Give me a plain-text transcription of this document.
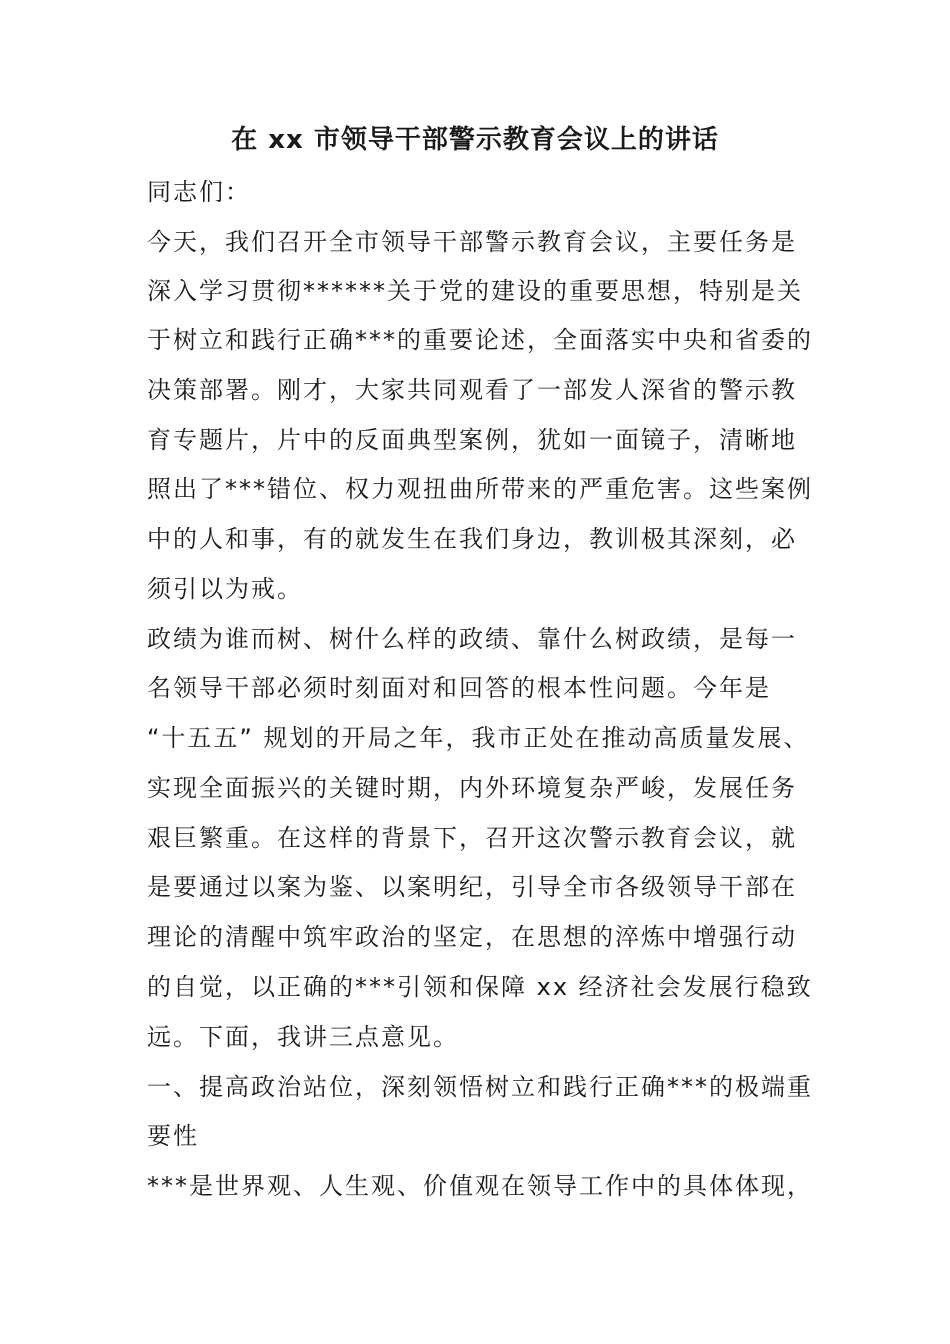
在 xx 市领导干部警示教育会议上的讲话

同志们：

今天，我们召开全市领导干部警示教育会议，主要任务是

深入学习贯彻******关于党的建设的重要思想，特别是关

于树立和践行正确***的重要论述，全面落实中央和省委的

决策部署。刚才，大家共同观看了一部发人深省的警示教

育专题片，片中的反面典型案例，犹如一面镜子，清晰地

照出了***错位、权力观扭曲所带来的严重危害。这些案例

中的人和事，有的就发生在我们身边，教训极其深刻，必

须引以为戒。

政绩为谁而树、树什么样的政绩、靠什么树政绩，是每一

名领导干部必须时刻面对和回答的根本性问题。今年是

“十五五” 规划的开局之年，我市正处在推动高质量发展、

实现全面振兴的关键时期，内外环境复杂严峻，发展任务

艰巨繁重。在这样的背景下，召开这次警示教育会议，就

是要通过以案为鉴、以案明纪，引导全市各级领导干部在

理论的清醒中筑牢政治的坚定，在思想的淬炼中增强行动

的自觉，以正确的***引领和保障 xx 经济社会发展行稳致

远。下面，我讲三点意见。

一、提高政治站位，深刻领悟树立和践行正确***的极端重

要性

***是世界观、人生观、价值观在领导工作中的具体体现，
